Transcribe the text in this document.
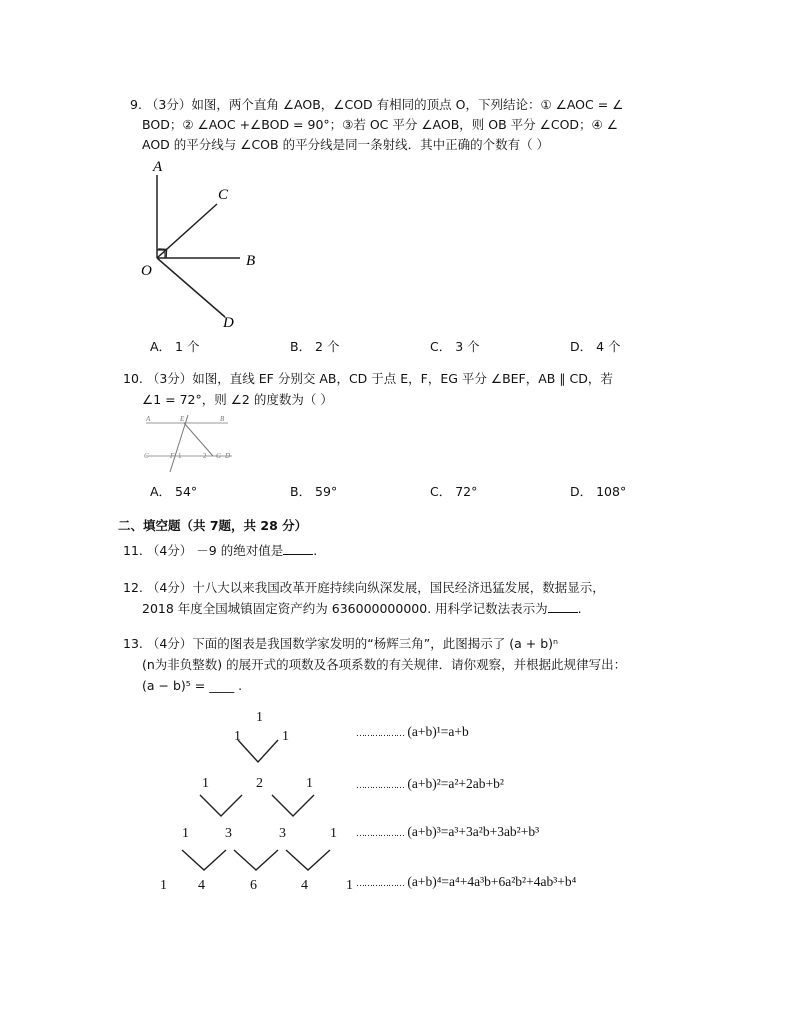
9. （3分）如图，两个直角 ∠AOB，∠COD 有相同的顶点 O，下列结论：① ∠AOC = ∠
BOD；② ∠AOC +∠BOD = 90°；③若 OC 平分 ∠AOB，则 OB 平分 ∠COD；④ ∠
AOD 的平分线与 ∠COB 的平分线是同一条射线．其中正确的个数有（ ）
A
C
B
O
D
A． 1 个	B． 2 个	C． 3 个	D． 4 个
10. （3分）如图，直线 EF 分别交 AB，CD 于点 E，F，EG 平分 ∠BEF，AB ∥ CD，若
∠1 = 72°，则 ∠2 的度数为（ ）
A	E	B
C	F 1	2 G D
A． 54°	B． 59°	C． 72°	D． 108°
二、填空题（共 7题，共 28 分）
11. （4分） －9 的绝对值是 .
12. （4分）十八大以来我国改革开庭持续向纵深发展，国民经济迅猛发展，数据显示，
2018 年度全国城镇固定资产约为 636000000000. 用科学记数法表示为 .
13. （4分）下面的图表是我国数学家发明的“杨辉三角”，此图揭示了 (a + b)ⁿ
(n为非负整数) 的展开式的项数及各项系数的有关规律．请你观察，并根据此规律写出：
(a − b)⁵ = ____ .
1
1	1
1	2	1
1	3	3	1
1 4	6	4	1
……………… (a+b)¹=a+b
……………… (a+b)²=a²+2ab+b²
……………… (a+b)³=a³+3a²b+3ab²+b³
……………… (a+b)⁴=a⁴+4a³b+6a²b²+4ab³+b⁴
